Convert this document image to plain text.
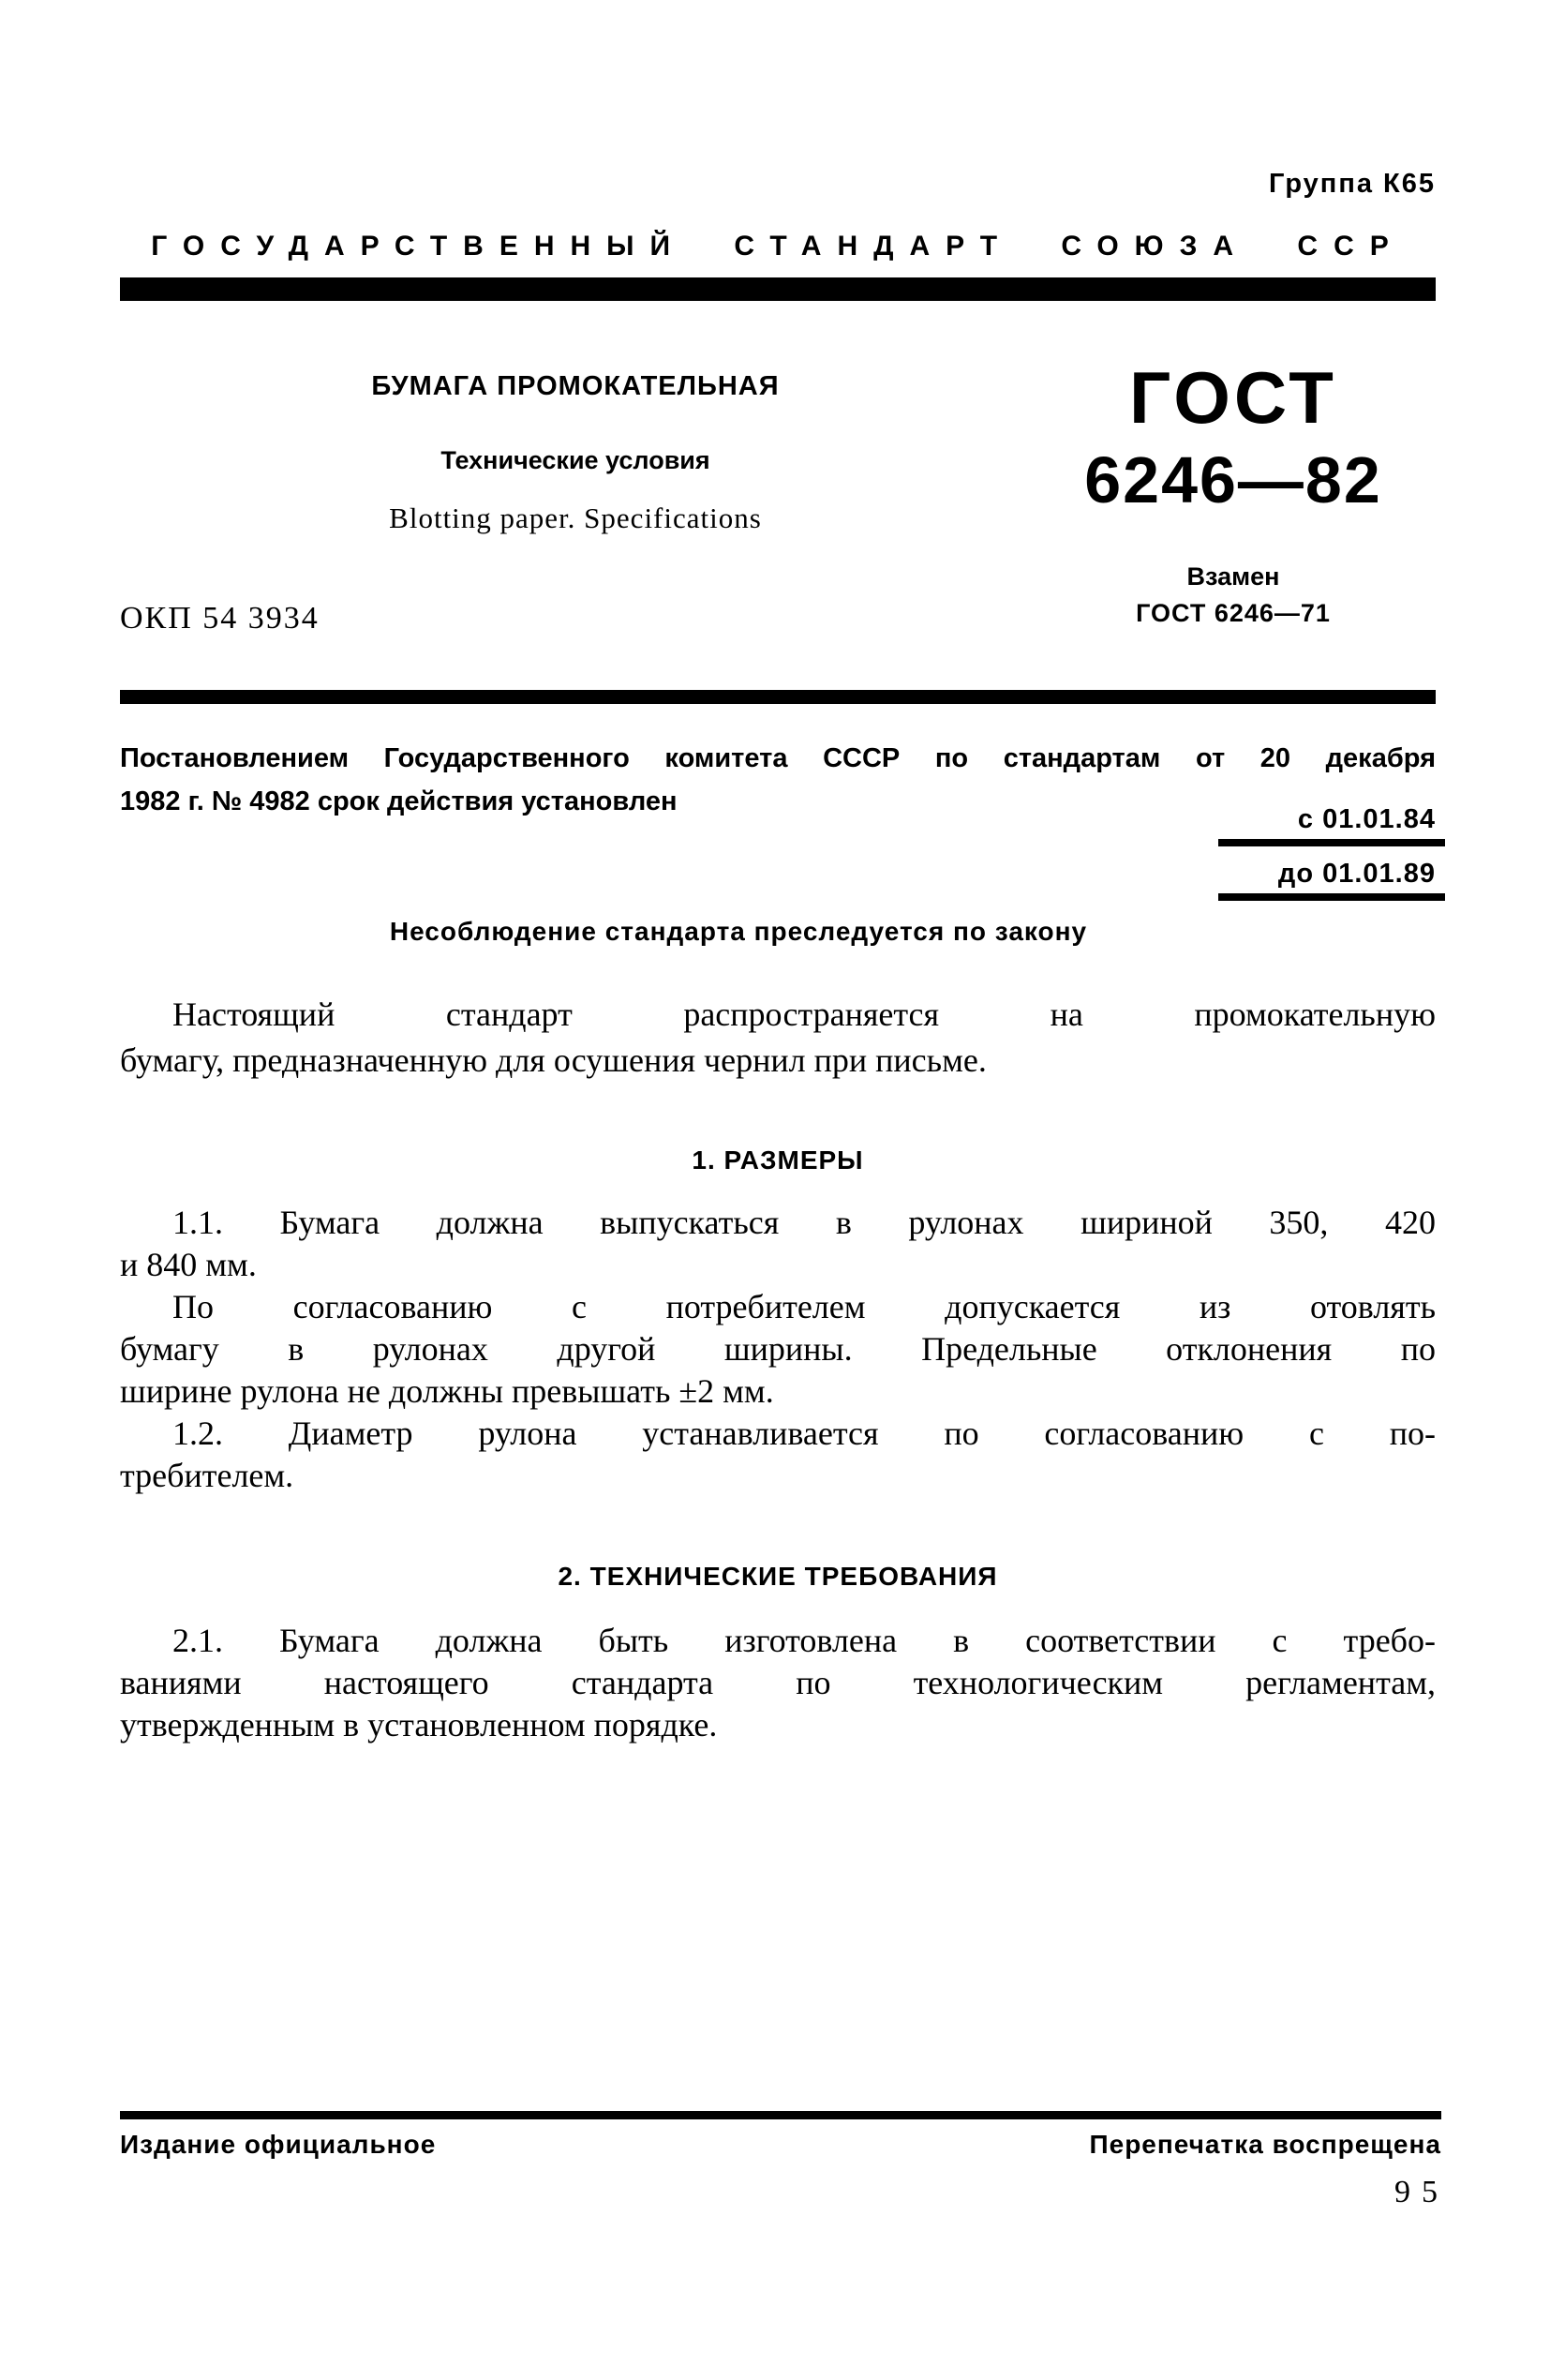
Группа К65
ГОСУДАРСТВЕННЫЙ СТАНДАРТ СОЮЗА ССР
БУМАГА ПРОМОКАТЕЛЬНАЯ
Технические условия
Blotting paper. Specifications
ОКП 54 3934
ГОСТ
6246—82
Взамен
ГОСТ 6246—71
Постановлением Государственного комитета СССР по стандартам от 20 декабря
1982 г. № 4982 срок действия установлен
с 01.01.84
до 01.01.89
Несоблюдение стандарта преследуется по закону
Настоящий стандарт распространяется на промокательную
бумагу, предназначенную для осушения чернил при письме.
1. РАЗМЕРЫ
1.1. Бумага должна выпускаться в рулонах шириной 350, 420
и 840 мм.
По согласованию с потребителем допускается из отовлять
бумагу в рулонах другой ширины. Предельные отклонения по
ширине рулона не должны превышать ±2 мм.
1.2. Диаметр рулона устанавливается по согласованию с по-
требителем.
2. ТЕХНИЧЕСКИЕ ТРЕБОВАНИЯ
2.1. Бумага должна быть изготовлена в соответствии с требо-
ваниями настоящего стандарта по технологическим регламентам,
утвержденным в установленном порядке.
Издание официальное	Перепечатка воспрещена
95
